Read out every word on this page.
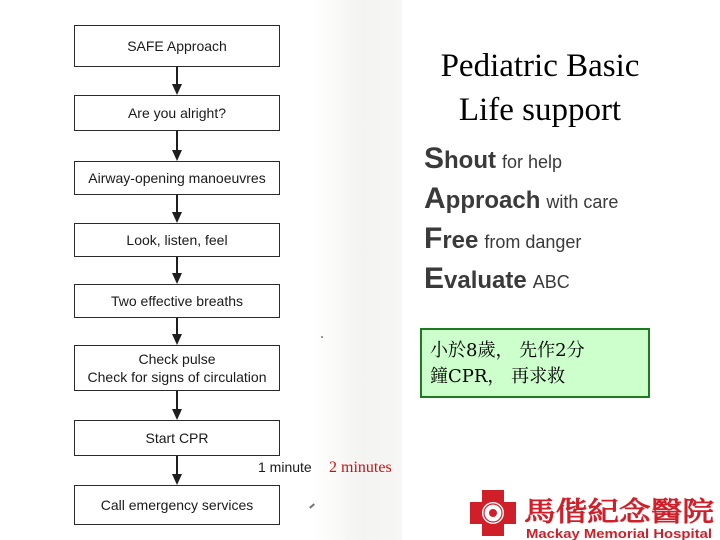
SAFE Approach
Are you alright?
Airway-opening manoeuvres
Look, listen, feel
Two effective breaths
Check pulse
Check for signs of circulation
Start CPR
1 minute
Call emergency services
2 minutes
Pediatric Basic
Life support
Shout for help
Approach with care
Free from danger
Evaluate ABC
小於8歲， 先作2分
鐘CPR， 再求救
馬偕紀念醫院
Mackay Memorial Hospital
